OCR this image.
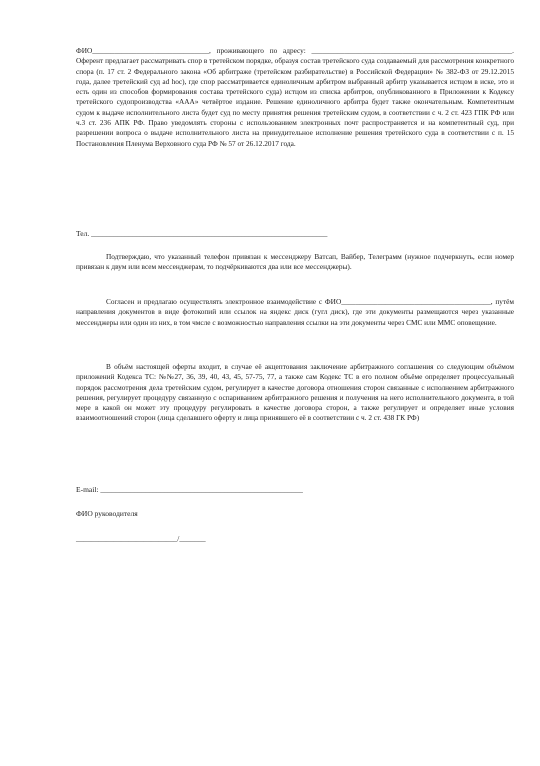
ФИО________________________________, проживающего по адресу: _______________________________________________________. Оферент предлагает рассматривать спор в третейском порядке, образуя состав третейского суда создаваемый для рассмотрения конкретного спора (п. 17 ст. 2 Федерального закона «Об арбитраже (третейском разбирательстве) в Российской Федерации» № 382-ФЗ от 29.12.2015 года, далее третейский суд ad hoc), где спор рассматривается единоличным арбитром выбранный арбитр указывается истцом в иске, это и есть один из способов формирования состава третейского суда) истцом из списка арбитров, опубликованного в Приложении к Кодексу третейского судопроизводства «ААА» четвёртое издание. Решение единоличного арбитра будет также окончательным. Компетентным судом к выдаче исполнительного листа будет суд по месту принятия решения третейским судом, в соответствии с ч. 2 ст. 423 ГПК РФ или ч.3 ст. 236 АПК РФ. Право уведомлять стороны с использованием электронных почт распространяется и на компетентный суд, при разрешении вопроса о выдаче исполнительного листа на принудительное исполнение решения третейского суда в соответствии с п. 15 Постановления Пленума Верховного суда РФ № 57 от 26.12.2017 года.

Тел. _______________________________________________________________

Подтверждаю, что указанный телефон привязан к мессенджеру Ватсап, Вайбер, Телеграмм (нужное подчеркнуть, если номер привязан к двум или всем мессенджерам, то подчёркиваются два или все мессенджеры).

Согласен и предлагаю осуществлять электронное взаимодействие с ФИО_________________________________________, путём направления документов в виде фотокопий или ссылок на яндекс диск (гугл диск), где эти документы размещаются через указанные мессенджеры или один из них, в том чмсле с возможностью направления ссылки на эти документы через СМС или ММС оповещение.

В объём настоящей оферты входит, в случае её акцептования заключение арбитражного соглашения со следующим объёмом приложений Кодекса ТС: №№27, 36, 39, 40, 43, 45, 57-75, 77, а также сам Кодекс ТС в его полном объёме определяет процессуальный порядок рассмотрения дела третейским судом, регулирует в качестве договора отношения сторон связанные с исполнением арбитражного решения, регулирует процедуру связанную с оспариванием арбитражного решения и получения на него исполнительного документа, в той мере в какой он может эту процедуру регулировать в качестве договора сторон, а также регулирует и определяет иные условия взаимоотношений сторон (лица сделавшего оферту и лица принявшего её в соответствии с ч. 2 ст. 438 ГК РФ)

E-mail: ______________________________________________________

ФИО руководителя

___________________________/_______
